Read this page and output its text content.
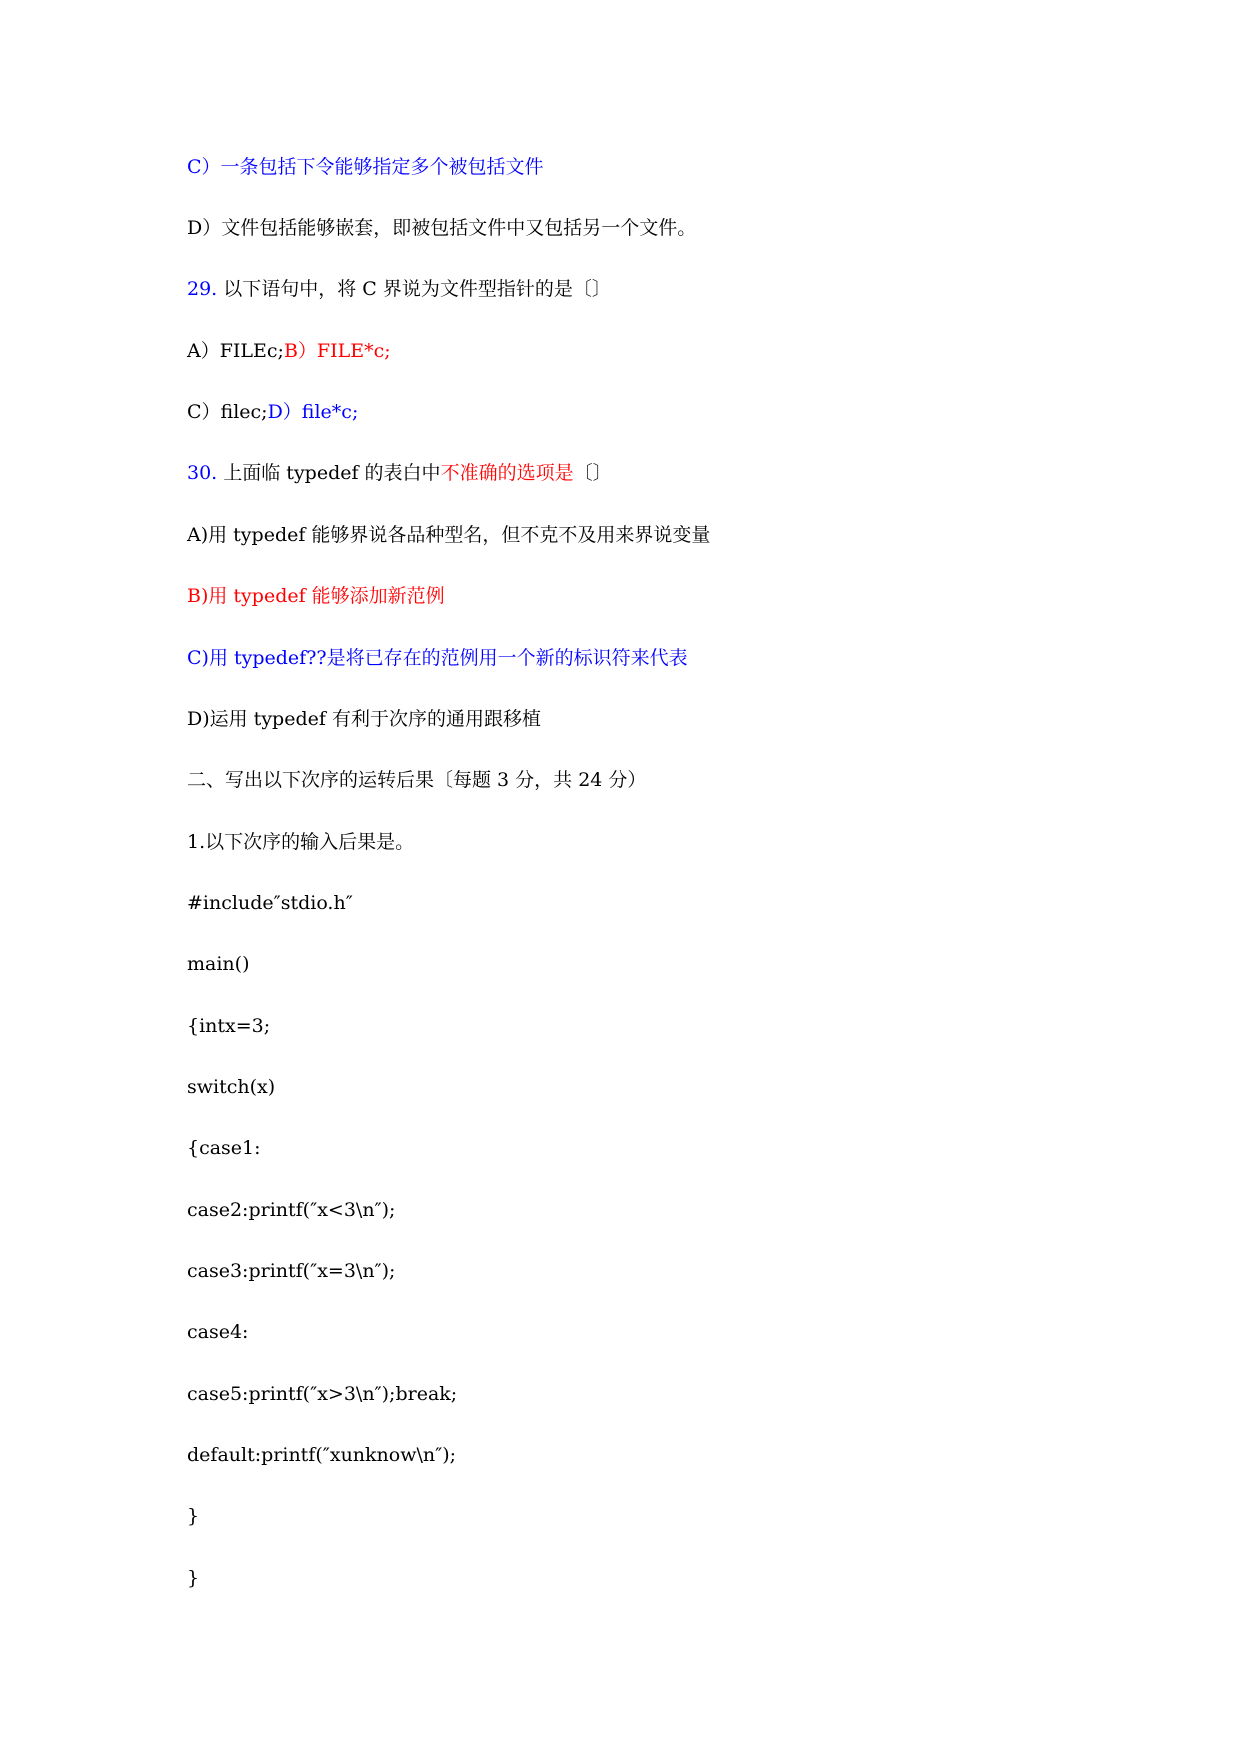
C）一条包括下令能够指定多个被包括文件
D）文件包括能够嵌套，即被包括文件中又包括另一个文件。
29. 以下语句中，将 C 界说为文件型指针的是〔〕
A）FILEc;B）FILE*c;
C）filec;D）file*c;
30. 上面临 typedef 的表白中不准确的选项是〔〕
A)用 typedef 能够界说各品种型名，但不克不及用来界说变量
B)用 typedef 能够添加新范例
C)用 typedef??是将已存在的范例用一个新的标识符来代表
D)运用 typedef 有利于次序的通用跟移植
二、写出以下次序的运转后果〔每题 3 分，共 24 分）
1.以下次序的输入后果是。
#include″stdio.h″
main()
{intx=3;
switch(x)
{case1:
case2:printf(″x<3\n″);
case3:printf(″x=3\n″);
case4:
case5:printf(″x>3\n″);break;
default:printf(″xunknow\n″);
}
}
